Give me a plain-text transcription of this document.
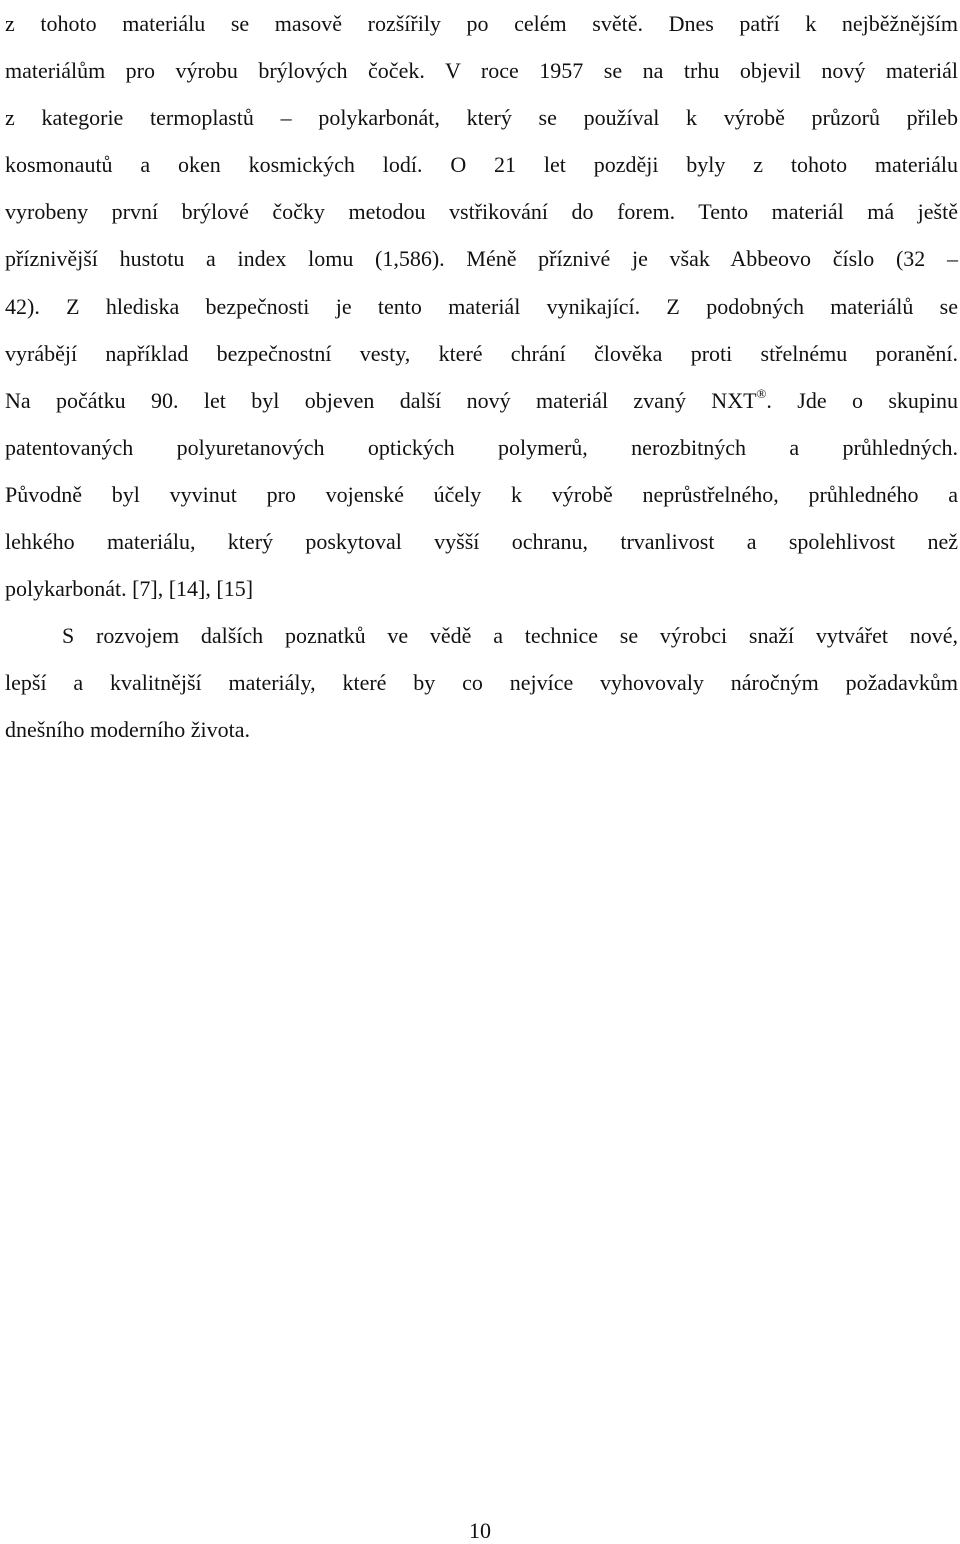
z tohoto materiálu se masově rozšířily po celém světě. Dnes patří k nejběžnějším
materiálům pro výrobu brýlových čoček. V roce 1957 se na trhu objevil nový materiál
z kategorie termoplastů – polykarbonát, který se používal k výrobě průzorů přileb
kosmonautů a oken kosmických lodí. O 21 let později byly z tohoto materiálu
vyrobeny první brýlové čočky metodou vstřikování do forem. Tento materiál má ještě
příznivější hustotu a index lomu (1,586). Méně příznivé je však Abbeovo číslo (32 –
42). Z hlediska bezpečnosti je tento materiál vynikající. Z podobných materiálů se
vyrábějí například bezpečnostní vesty, které chrání člověka proti střelnému poranění.
Na počátku 90. let byl objeven další nový materiál zvaný NXT®. Jde o skupinu
patentovaných polyuretanových optických polymerů, nerozbitných a průhledných.
Původně byl vyvinut pro vojenské účely k výrobě neprůstřelného, průhledného a
lehkého materiálu, který poskytoval vyšší ochranu, trvanlivost a spolehlivost než
polykarbonát. [7], [14], [15]
S rozvojem dalších poznatků ve vědě a technice se výrobci snaží vytvářet nové,
lepší a kvalitnější materiály, které by co nejvíce vyhovovaly náročným požadavkům
dnešního moderního života.
10
